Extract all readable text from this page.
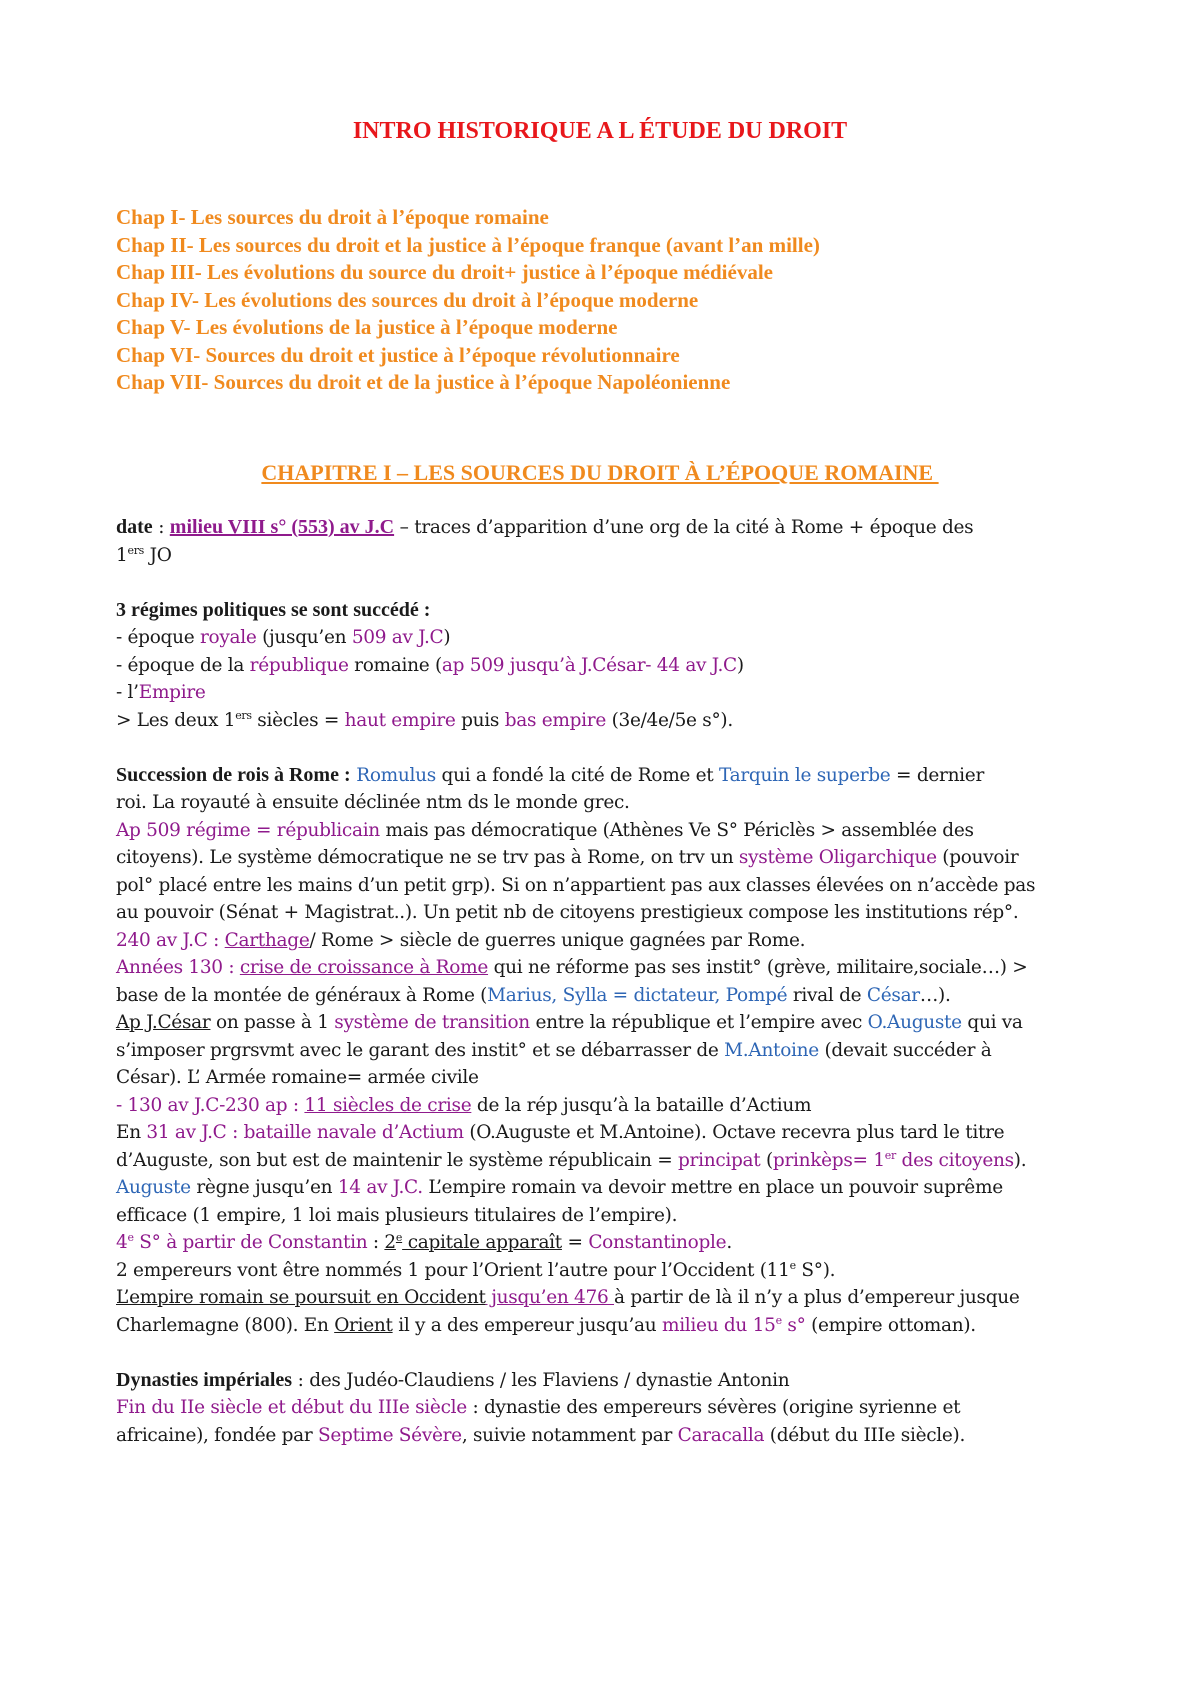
INTRO HISTORIQUE A L ÉTUDE DU DROIT
Chap I- Les sources du droit à l’époque romaine
Chap II- Les sources du droit et la justice à l’époque franque (avant l’an mille)
Chap III- Les évolutions du source du droit+ justice à l’époque médiévale
Chap IV- Les évolutions des sources du droit à l’époque moderne
Chap V- Les évolutions de la justice à l’époque moderne
Chap VI- Sources du droit et justice à l’époque révolutionnaire
Chap VII- Sources du droit et de la justice à l’époque Napoléonienne
CHAPITRE I – LES SOURCES DU DROIT À L’ÉPOQUE ROMAINE
date : milieu VIII s° (553) av J.C – traces d’apparition d’une org de la cité à Rome + époque des
1ers JO
3 régimes politiques se sont succédé :
- époque royale (jusqu’en 509 av J.C)
- époque de la république romaine (ap 509 jusqu’à J.César- 44 av J.C)
- l’Empire
> Les deux 1ers siècles = haut empire puis bas empire (3e/4e/5e s°).
Succession de rois à Rome : Romulus qui a fondé la cité de Rome et Tarquin le superbe = dernier
roi. La royauté à ensuite déclinée ntm ds le monde grec.
Ap 509 régime = républicain mais pas démocratique (Athènes Ve S° Périclès > assemblée des
citoyens). Le système démocratique ne se trv pas à Rome, on trv un système Oligarchique (pouvoir
pol° placé entre les mains d’un petit grp). Si on n’appartient pas aux classes élevées on n’accède pas
au pouvoir (Sénat + Magistrat..). Un petit nb de citoyens prestigieux compose les institutions rép°.
240 av J.C : Carthage/ Rome > siècle de guerres unique gagnées par Rome.
Années 130 : crise de croissance à Rome qui ne réforme pas ses instit° (grève, militaire,sociale…) >
base de la montée de généraux à Rome (Marius, Sylla = dictateur, Pompé rival de César…).
Ap J.César on passe à 1 système de transition entre la république et l’empire avec O.Auguste qui va
s’imposer prgrsvmt avec le garant des instit° et se débarrasser de M.Antoine (devait succéder à
César). L’ Armée romaine= armée civile
- 130 av J.C-230 ap : 11 siècles de crise de la rép jusqu’à la bataille d’Actium
En 31 av J.C : bataille navale d’Actium (O.Auguste et M.Antoine). Octave recevra plus tard le titre
d’Auguste, son but est de maintenir le système républicain = principat (prinkèps= 1er des citoyens).
Auguste règne jusqu’en 14 av J.C. L’empire romain va devoir mettre en place un pouvoir suprême
efficace (1 empire, 1 loi mais plusieurs titulaires de l’empire).
4e S° à partir de Constantin : 2e capitale apparaît = Constantinople.
2 empereurs vont être nommés 1 pour l’Orient l’autre pour l’Occident (11e S°).
L’empire romain se poursuit en Occident jusqu’en 476 à partir de là il n’y a plus d’empereur jusque
Charlemagne (800). En Orient il y a des empereur jusqu’au milieu du 15e s° (empire ottoman).
Dynasties impériales : des Judéo-Claudiens / les Flaviens / dynastie Antonin
Fin du IIe siècle et début du IIIe siècle : dynastie des empereurs sévères (origine syrienne et
africaine), fondée par Septime Sévère, suivie notamment par Caracalla (début du IIIe siècle).
